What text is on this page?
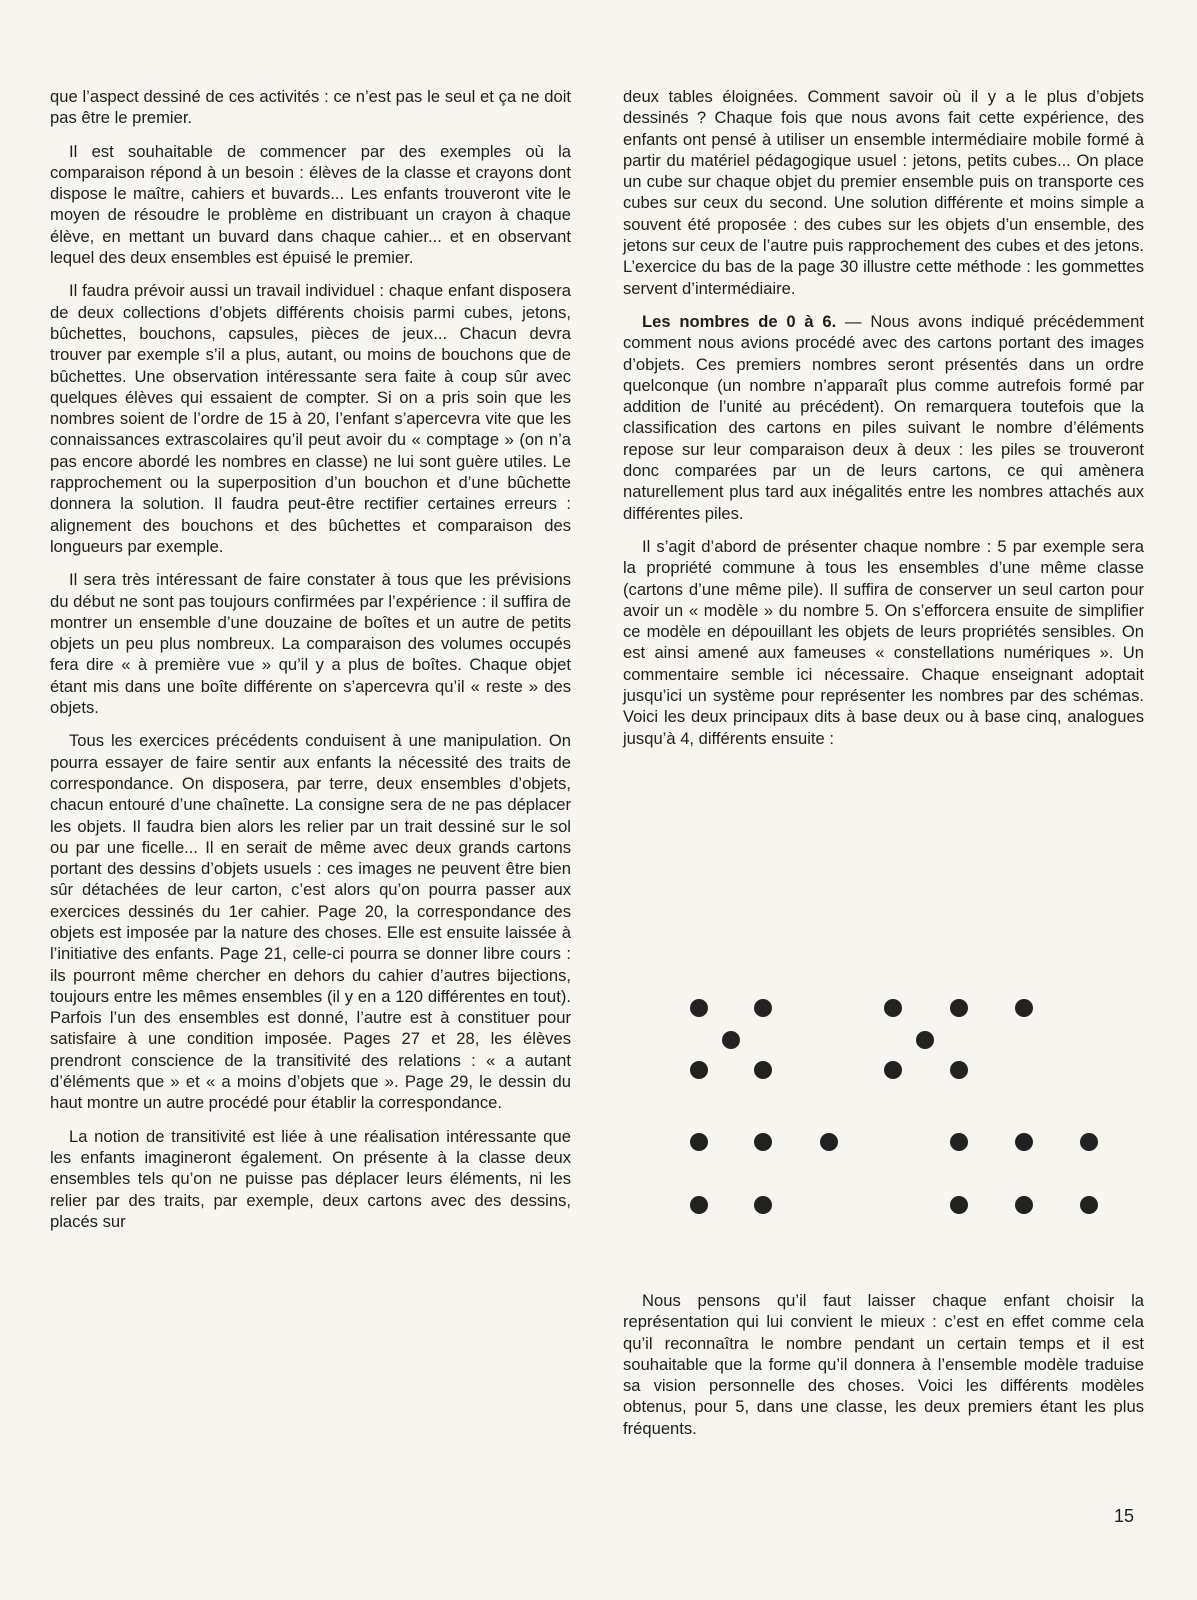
que l’aspect dessiné de ces activités : ce n’est pas le seul et ça ne doit pas être le premier.

Il est souhaitable de commencer par des exemples où la comparaison répond à un besoin : élèves de la classe et crayons dont dispose le maître, cahiers et buvards... Les enfants trouveront vite le moyen de résoudre le problème en distribuant un crayon à chaque élève, en mettant un buvard dans chaque cahier... et en observant lequel des deux ensembles est épuisé le premier.

Il faudra prévoir aussi un travail individuel : chaque enfant disposera de deux collections d’objets différents choisis parmi cubes, jetons, bûchettes, bouchons, capsules, pièces de jeux... Chacun devra trouver par exemple s’il a plus, autant, ou moins de bouchons que de bûchettes. Une observation intéressante sera faite à coup sûr avec quelques élèves qui essaient de compter. Si on a pris soin que les nombres soient de l’ordre de 15 à 20, l’enfant s’apercevra vite que les connaissances extrascolaires qu’il peut avoir du « comptage » (on n’a pas encore abordé les nombres en classe) ne lui sont guère utiles. Le rapprochement ou la superposition d’un bouchon et d’une bûchette donnera la solution. Il faudra peut-être rectifier certaines erreurs : alignement des bouchons et des bûchettes et comparaison des longueurs par exemple.

Il sera très intéressant de faire constater à tous que les prévisions du début ne sont pas toujours confirmées par l’expérience : il suffira de montrer un ensemble d’une douzaine de boîtes et un autre de petits objets un peu plus nombreux. La comparaison des volumes occupés fera dire « à première vue » qu’il y a plus de boîtes. Chaque objet étant mis dans une boîte différente on s’apercevra qu’il « reste » des objets.

Tous les exercices précédents conduisent à une manipulation. On pourra essayer de faire sentir aux enfants la nécessité des traits de correspondance. On disposera, par terre, deux ensembles d’objets, chacun entouré d’une chaînette. La consigne sera de ne pas déplacer les objets. Il faudra bien alors les relier par un trait dessiné sur le sol ou par une ficelle... Il en serait de même avec deux grands cartons portant des dessins d’objets usuels : ces images ne peuvent être bien sûr détachées de leur carton, c’est alors qu’on pourra passer aux exercices dessinés du 1er cahier. Page 20, la correspondance des objets est imposée par la nature des choses. Elle est ensuite laissée à l’initiative des enfants. Page 21, celle-ci pourra se donner libre cours : ils pourront même chercher en dehors du cahier d’autres bijections, toujours entre les mêmes ensembles (il y en a 120 différentes en tout). Parfois l’un des ensembles est donné, l’autre est à constituer pour satisfaire à une condition imposée. Pages 27 et 28, les élèves prendront conscience de la transitivité des relations : « a autant d’éléments que » et « a moins d’objets que ». Page 29, le dessin du haut montre un autre procédé pour établir la correspondance.

La notion de transitivité est liée à une réalisation intéressante que les enfants imagineront également. On présente à la classe deux ensembles tels qu’on ne puisse pas déplacer leurs éléments, ni les relier par des traits, par exemple, deux cartons avec des dessins, placés sur

deux tables éloignées. Comment savoir où il y a le plus d’objets dessinés ? Chaque fois que nous avons fait cette expérience, des enfants ont pensé à utiliser un ensemble intermédiaire mobile formé à partir du matériel pédagogique usuel : jetons, petits cubes... On place un cube sur chaque objet du premier ensemble puis on transporte ces cubes sur ceux du second. Une solution différente et moins simple a souvent été proposée : des cubes sur les objets d’un ensemble, des jetons sur ceux de l’autre puis rapprochement des cubes et des jetons. L’exercice du bas de la page 30 illustre cette méthode : les gommettes servent d’intermédiaire.

Les nombres de 0 à 6. — Nous avons indiqué précédemment comment nous avions procédé avec des cartons portant des images d’objets. Ces premiers nombres seront présentés dans un ordre quelconque (un nombre n’apparaît plus comme autrefois formé par addition de l’unité au précédent). On remarquera toutefois que la classification des cartons en piles suivant le nombre d’éléments repose sur leur comparaison deux à deux : les piles se trouveront donc comparées par un de leurs cartons, ce qui amènera naturellement plus tard aux inégalités entre les nombres attachés aux différentes piles.

Il s’agit d’abord de présenter chaque nombre : 5 par exemple sera la propriété commune à tous les ensembles d’une même classe (cartons d’une même pile). Il suffira de conserver un seul carton pour avoir un « modèle » du nombre 5. On s’efforcera ensuite de simplifier ce modèle en dépouillant les objets de leurs propriétés sensibles. On est ainsi amené aux fameuses « constellations numériques ». Un commentaire semble ici nécessaire. Chaque enseignant adoptait jusqu’ici un système pour représenter les nombres par des schémas. Voici les deux principaux dits à base deux ou à base cinq, analogues jusqu’à 4, différents ensuite :

Nous pensons qu’il faut laisser chaque enfant choisir la représentation qui lui convient le mieux : c’est en effet comme cela qu’il reconnaîtra le nombre pendant un certain temps et il est souhaitable que la forme qu’il donnera à l’ensemble modèle traduise sa vision personnelle des choses. Voici les différents modèles obtenus, pour 5, dans une classe, les deux premiers étant les plus fréquents.

15
